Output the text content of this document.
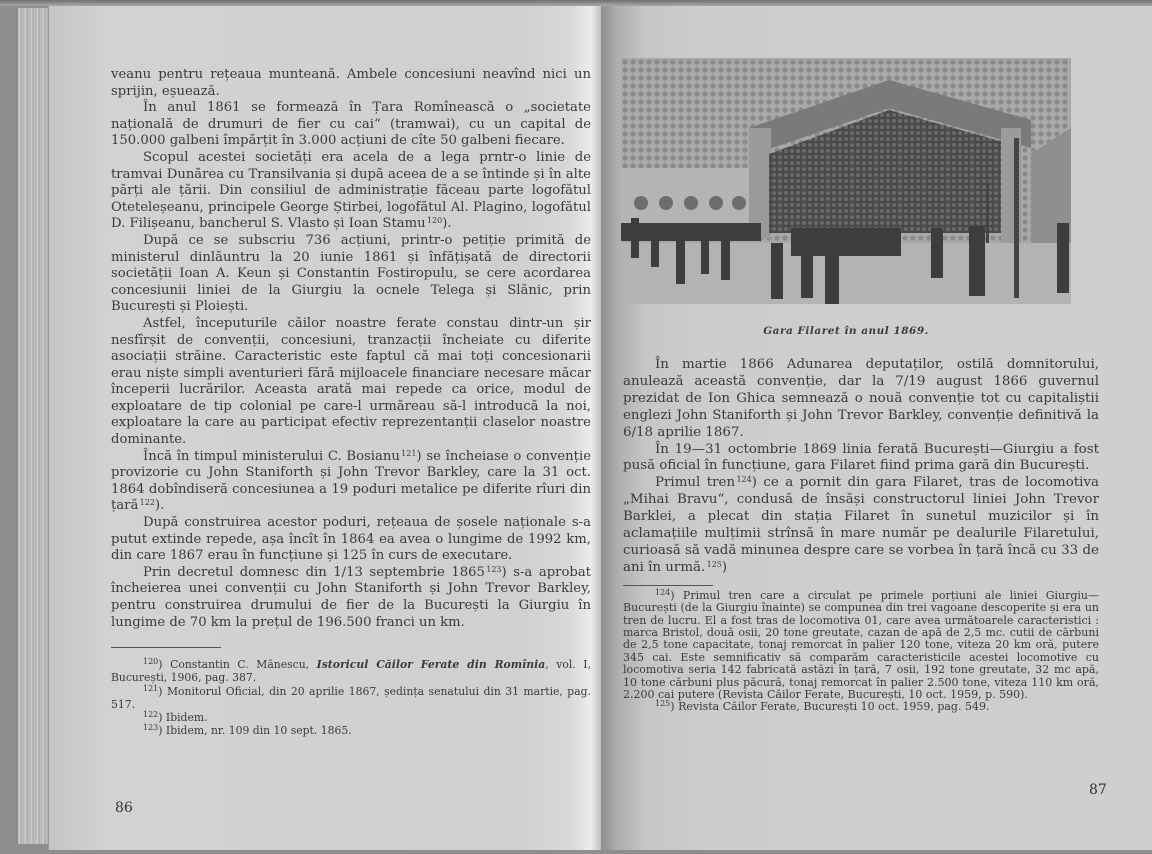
veanu pentru rețeaua munteană. Ambele concesiuni neavînd nici un sprijin, eșuează.

În anul 1861 se formează în Țara Romînească o „societate națională de drumuri de fier cu cai“ (tramwai), cu un capital de 150.000 galbeni împărțit în 3.000 acțiuni de cîte 50 galbeni fiecare.

Scopul acestei societăți era acela de a lega prntr-o linie de tramvai Dunărea cu Transilvania și după aceea de a se întinde și în alte părți ale țării. Din consiliul de administrație făceau parte logofătul Oteteleșeanu, principele George Știrbei, logofătul Al. Plagino, logofătul D. Filișeanu, bancherul S. Vlasto și Ioan Stamu $^{120}$).

După ce se subscriu 736 acțiuni, printr-o petiție primită de ministerul dinlăuntru la 20 iunie 1861 și înfățișată de directorii societății Ioan A. Keun și Constantin Fostiropulu, se cere acordarea concesiunii liniei de la Giurgiu la ocnele Telega și Slănic, prin București și Ploiești.

Astfel, începuturile căilor noastre ferate constau dintr-un șir nesfîrșit de convenții, concesiuni, tranzacții încheiate cu diferite asociații străine. Caracteristic este faptul că mai toți concesionarii erau niște simpli aventurieri fără mijloacele financiare necesare măcar începerii lucrărilor. Aceasta arată mai repede ca orice, modul de exploatare de tip colonial pe care-l urmăreau să-l introducă la noi, exploatare la care au participat efectiv reprezentanții claselor noastre dominante.

Încă în timpul ministerului C. Bosianu $^{121}$) se încheiase o convenție provizorie cu John Staniforth și John Trevor Barkley, care la 31 oct. 1864 dobîndiseră concesiunea a 19 poduri metalice pe diferite rîuri din țară $^{122}$).

După construirea acestor poduri, rețeaua de șosele naționale s-a putut extinde repede, așa încît în 1864 ea avea o lungime de 1992 km, din care 1867 erau în funcțiune și 125 în curs de executare.

Prin decretul domnesc din 1/13 septembrie 1865 $^{123}$) s-a aprobat încheierea unei convenții cu John Staniforth și John Trevor Barkley, pentru construirea drumului de fier de la București la Giurgiu în lungime de 70 km la prețul de 196.500 franci un km.

$^{120}$) Constantin C. Mănescu, Istoricul Căilor Ferate din Romînia, vol. I, București, 1906, pag. 387.

$^{121}$) Monitorul Oficial, din 20 aprilie 1867, ședința senatului din 31 martie, pag. 517.

$^{122}$) Ibidem.

$^{123}$) Ibidem, nr. 109 din 10 sept. 1865.

86
Gara Filaret în anul 1869.

În martie 1866 Adunarea deputaților, ostilă domnitorului, anulează această convenție, dar la 7/19 august 1866 guvernul prezidat de Ion Ghica semnează o nouă convenție tot cu capitaliștii englezi John Staniforth și John Trevor Barkley, convenție definitivă la 6/18 aprilie 1867.

În 19—31 octombrie 1869 linia ferată București—Giurgiu a fost pusă oficial în funcțiune, gara Filaret fiind prima gară din București.

Primul tren $^{124}$) ce a pornit din gara Filaret, tras de locomotiva „Mihai Bravu“, condusă de însăși constructorul liniei John Trevor Barklei, a plecat din stația Filaret în sunetul muzicilor și în aclamațiile mulțimii strînsă în mare număr pe dealurile Filaretului, curioasă să vadă minunea despre care se vorbea în țară încă cu 33 de ani în urmă. $^{125}$)

$^{124}$) Primul tren care a circulat pe primele porțiuni ale liniei Giurgiu—București (de la Giurgiu înainte) se compunea din trei vagoane descoperite și era un tren de lucru. El a fost tras de locomotiva 01, care avea următoarele caracteristici : marca Bristol, două osii, 20 tone greutate, cazan de apă de 2,5 mc. cutii de cărbuni de 2,5 tone capacitate, tonaj remorcat în palier 120 tone, viteza 20 km oră, putere 345 cai. Este semnificativ să comparăm caracteristicile acestei locomotive cu locomotiva seria 142 fabricată astăzi în țară, 7 osii, 192 tone greutate, 32 mc apă, 10 tone cărbuni plus păcură, tonaj remorcat în palier 2.500 tone, viteza 110 km oră, 2.200 cai putere (Revista Căilor Ferate, București, 10 oct. 1959, p. 590).

$^{125}$) Revista Căilor Ferate, București 10 oct. 1959, pag. 549.

87
